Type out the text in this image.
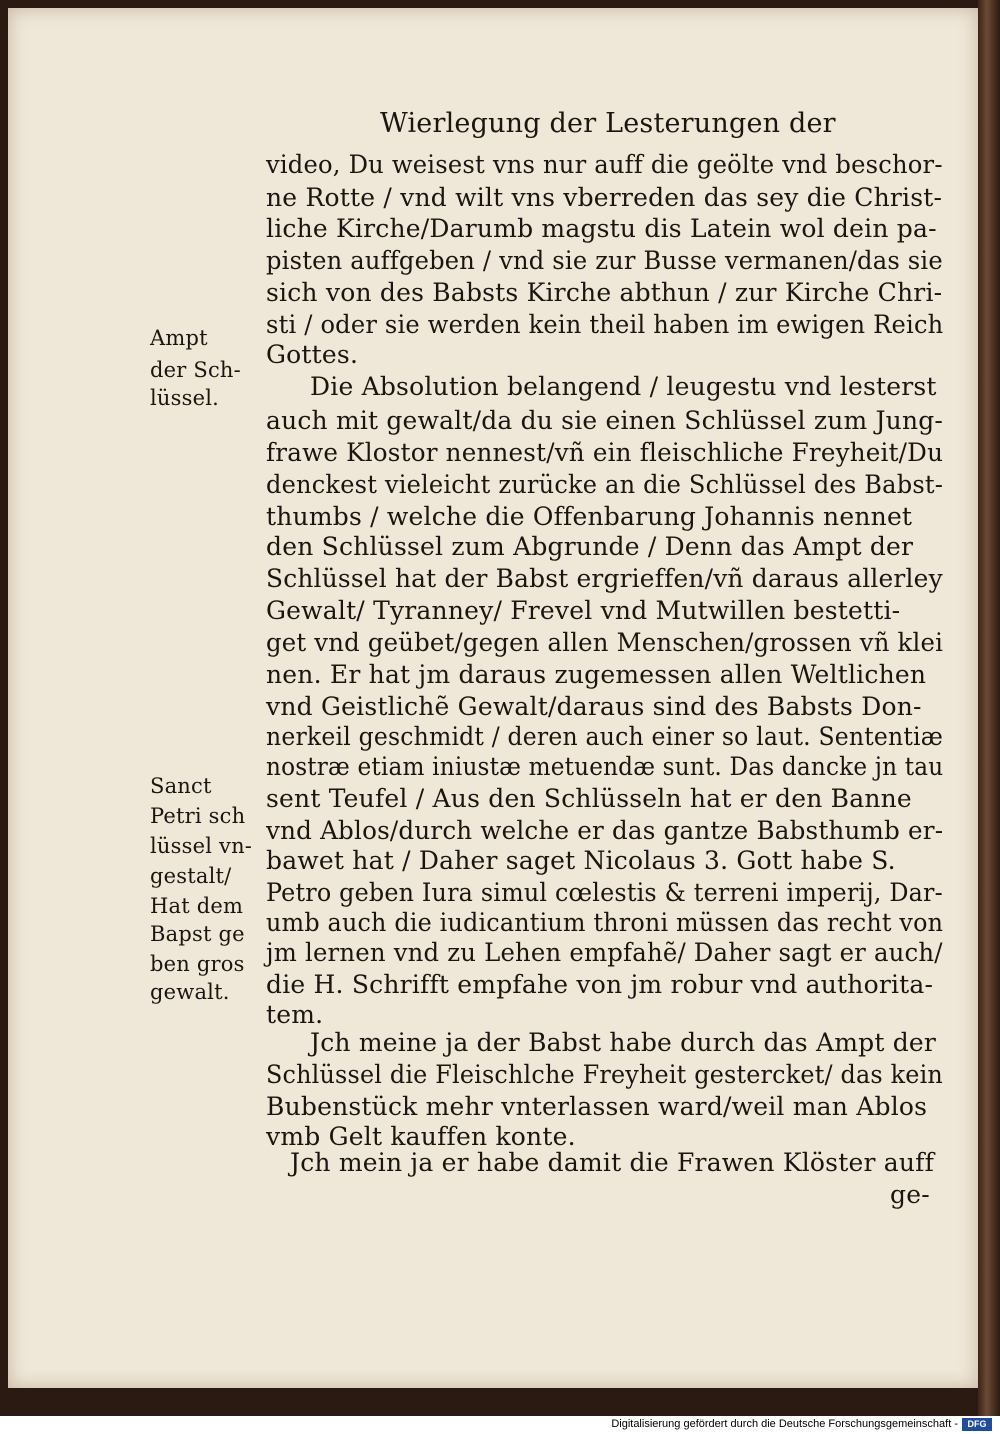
Wierlegung der Lesterungen der
video, Du weisest vns nur auff die geölte vnd beschor-
ne Rotte / vnd wilt vns vberreden das sey die Christ-
liche Kirche/Darumb magstu dis Latein wol dein pa-
pisten auffgeben / vnd sie zur Busse vermanen/das sie
sich von des Babsts Kirche abthun / zur Kirche Chri-
sti / oder sie werden kein theil haben im ewigen Reich
Gottes.
Die Absolution belangend / leugestu vnd lesterst
auch mit gewalt/da du sie einen Schlüssel zum Jung-
frawe Klostor nennest/vñ ein fleischliche Freyheit/Du
denckest vieleicht zurücke an die Schlüssel des Babst-
thumbs / welche die Offenbarung Johannis nennet
den Schlüssel zum Abgrunde / Denn das Ampt der
Schlüssel hat der Babst ergrieffen/vñ daraus allerley
Gewalt/ Tyranney/ Frevel vnd Mutwillen bestetti-
get vnd geübet/gegen allen Menschen/grossen vñ klei
nen. Er hat jm daraus zugemessen allen Weltlichen
vnd Geistlichẽ Gewalt/daraus sind des Babsts Don-
nerkeil geschmidt / deren auch einer so laut. Sententiæ
nostræ etiam iniustæ metuendæ sunt. Das dancke jn tau
sent Teufel / Aus den Schlüsseln hat er den Banne
vnd Ablos/durch welche er das gantze Babsthumb er-
bawet hat / Daher saget Nicolaus 3. Gott habe S.
Petro geben Iura simul cœlestis & terreni imperij, Dar-
umb auch die iudicantium throni müssen das recht von
jm lernen vnd zu Lehen empfahẽ/ Daher sagt er auch/
die H. Schrifft empfahe von jm robur vnd authorita-
tem.
Jch meine ja der Babst habe durch das Ampt der
Schlüssel die Fleischlche Freyheit gestercket/ das kein
Bubenstück mehr vnterlassen ward/weil man Ablos
vmb Gelt kauffen konte.
Jch mein ja er habe damit die Frawen Klöster auff
ge-
Ampt
der Sch-
lüssel.
Sanct
Petri sch
lüssel vn-
gestalt/
Hat dem
Bapst ge
ben gros
gewalt.
Digitalisierung gefördert durch die Deutsche Forschungsgemeinschaft -	DFG
